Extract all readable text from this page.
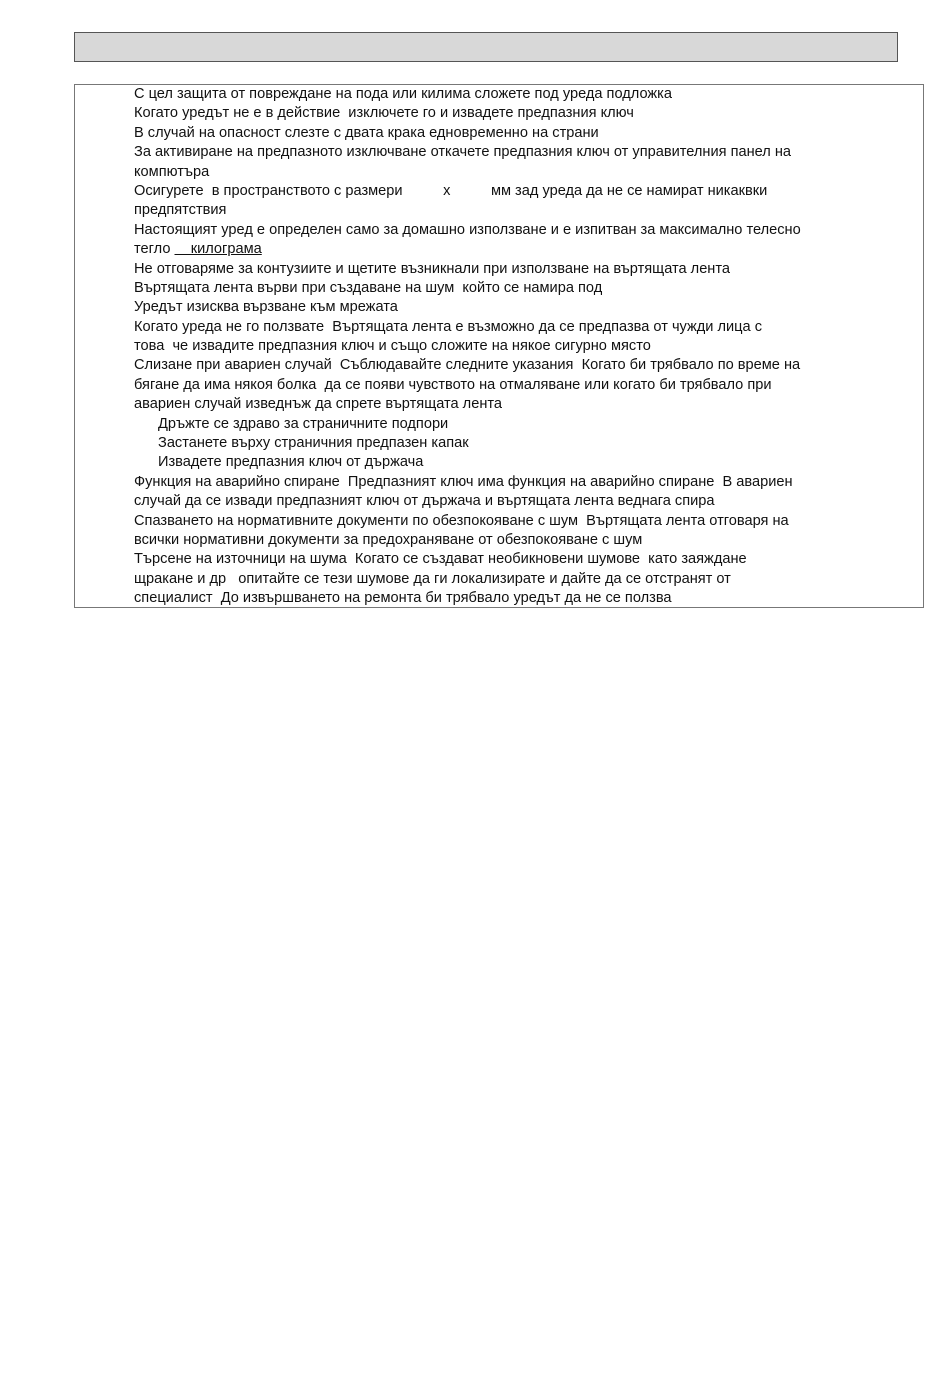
С цел защита от повреждане на пода или килима сложете под уреда подложка
Когато уредът не е в действие  изключете го и извадете предпазния ключ
В случай на опасност слезте с двата крака едновременно на страни
За активиране на предпазното изключване откачете предпазния ключ от управителния панел на
компютъра
Осигурете  в пространството с размери          х          мм зад уреда да не се намират никаквки
предпятствия
Настоящият уред е определен само за домашно използване и е изпитван за максимално телесно
тегло     килограма
Не отговаряме за контузиите и щетите възникнали при използване на въртящата лента
Въртящата лента върви при създаване на шум  който се намира под
Уредът изисква вързване към мрежата
Когато уреда не го ползвате  Въртящата лента е възможно да се предпазва от чужди лица с
това  че извадите предпазния ключ и също сложите на някое сигурно място
Слизане при авариен случай  Съблюдавайте следните указания  Когато би трябвало по време на
бягане да има някоя болка  да се появи чувството на отмаляване или когато би трябвало при
авариен случай изведнъж да спрете въртящата лента
Дръжте се здраво за страничните подпори
Застанете върху страничния предпазен капак
Извадете предпазния ключ от държача
Функция на аварийно спиране  Предпазният ключ има функция на аварийно спиране  В авариен
случай да се извади предпазният ключ от държача и въртящата лента веднага спира
Спазването на нормативните документи по обезпокояване с шум  Въртящата лента отговаря на
всички нормативни документи за предохраняване от обезпокояване с шум
Търсене на източници на шума  Когато се създават необикновени шумове  като заяждане
щракане и др   опитайте се тези шумове да ги локализирате и дайте да се отстранят от
специалист  До извършването на ремонта би трябвало уредът да не се ползва
